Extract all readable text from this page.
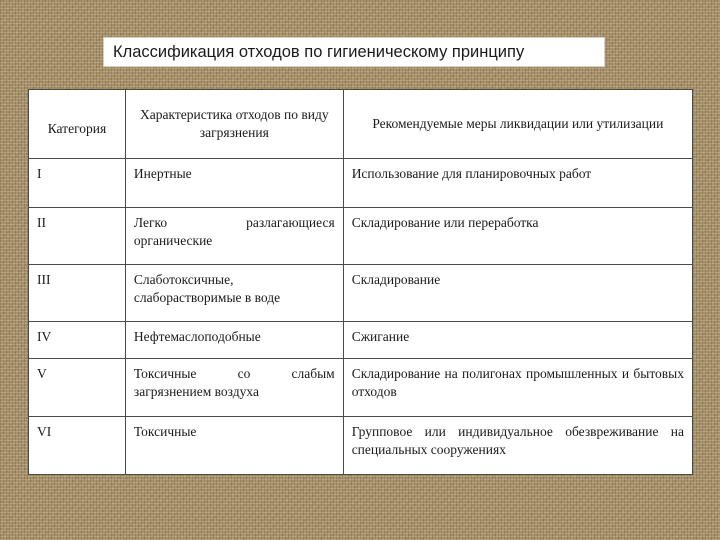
Классификация отходов по гигиеническому принципу
Категория	Характеристика отходов по виду загрязнения	Рекомендуемые меры ликвидации или утилизации
I	Инертные	Использование для планировочных работ
II	Легко разлагающиеся органические	Складирование или переработка
III	Слаботоксичные, слаборастворимые в воде	Складирование
IV	Нефтемаслоподобные	Сжигание
V	Токсичные со слабым загрязнением воздуха	Складирование на полигонах промышленных и бытовых отходов
VI	Токсичные	Групповое или индивидуальное обезвреживание на специальных сооружениях
